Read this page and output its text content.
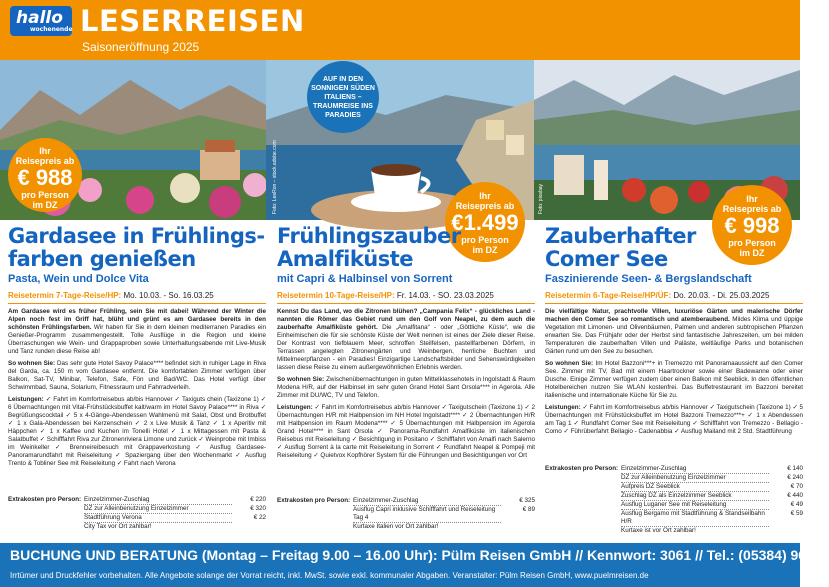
hallo
wochenende LESERREISEN
Saisoneröffnung 2025
AUF IN DEN SONNIGEN SÜDEN ITALIENS – TRAUMREISE INS PARADIES
Foto: LeeRon – stock.adobe.com	Foto: pixabay
Ihr
Reisepreis ab
€ 988
pro Person
im DZ
Ihr
Reisepreis ab
€1.499
pro Person
im DZ
Ihr
Reisepreis ab
€ 998
pro Person
im DZ
Gardasee in Frühlings-
farben genießen
Pasta, Wein und Dolce Vita
Reisetermin 7-Tage-Reise/HP: Mo. 10.03. - So. 16.03.25
Am Gardasee wird es früher Frühling, sein Sie mit dabei! Während der Winter die Alpen noch fest im Griff hat, blüht und grünt es am Gardasee bereits in den schönsten Frühlingsfarben. Wir haben für Sie in dem kleinen mediterranen Paradies ein Genießer-Programm zusammengestellt. Tolle Ausflüge in die Region und kleine Überraschungen wie Wein- und Grappaproben sowie Unterhaltungsabende mit Live-Musik und Tanz runden diese Reise ab!
So wohnen Sie: Das sehr gute Hotel Savoy Palace**** befindet sich in ruhiger Lage in Riva del Garda, ca. 150 m vom Gardasee entfernt. Die komfortablen Zimmer verfügen über Balkon, Sat-TV, Minibar, Telefon, Safe, Fön und Bad/WC. Das Hotel verfügt über Schwimmbad, Sauna, Solarium, Fitnessraum und Fahrradverleih.
Leistungen: ✓ Fahrt im Komfortreisebus ab/bis Hannover ✓ Taxiguts chein (Taxizone 1) ✓ 6 Übernachtungen mit Vital-Frühstücksbuffet kalt/warm im Hotel Savoy Palace**** in Riva ✓ Begrüßungscocktail ✓ 5 x 4-Gänge-Abendessen Wahlmenü mit Salat, Obst und Brotbuffet ✓ 1 x Gala-Abendessen bei Kerzenschein ✓ 2 x Live Musik & Tanz ✓ 1 x Aperitiv mit Häppchen ✓ 1 x Kaffee und Kuchen im Tonelli Hotel ✓ 1 x Mittagessen mit Pasta & Salatbuffet ✓ Schifffahrt Riva zur Zitronenriviera Limone und zurück ✓ Weinprobe mit Imbiss im Weinkeller ✓ Brenneireibesuch mit Grappaverkostung ✓ Ausflug Gardasee-Panoramarundfahrt mit Reiseleitung ✓ Spaziergang über den Wochenmarkt ✓ Ausflug Trento & Tobliner See mit Reiseleitung ✓ Fahrt nach Verona
Frühlingszauber
Amalfiküste
mit Capri & Halbinsel von Sorrent
Reisetermin 10-Tage-Reise/HP: Fr. 14.03. - SO. 23.03.2025
Kennst Du das Land, wo die Zitronen blühen? „Campania Felix“ - glückliches Land - nannten die Römer das Gebiet rund um den Golf von Neapel, zu dem auch die zauberhafte Amalfiküste gehört. Die „Amalfitana“ - oder „Göttliche Küste“, wie die Einheimischen die für sie schönste Küste der Welt nennen ist eines der Ziele dieser Reise. Der Kontrast von tiefblauem Meer, schroffen Steilfelsen, pastellfarbenen Dörfern, in Terrassen angelegten Zitronengärten und Weinbergen, herrliche Buchten und Mittelmeerpflanzen - ein Paradies! Einzigartige Landschaftsbilder und Sehenswürdigkeiten lassen diese Reise zu einem außergewöhnlichen Erlebnis werden.
So wohnen Sie: Zwischenübernachtungen in guten Mittelklassehotels in Ingolstadt & Raum Modena H/R, auf der Halbinsel im sehr guten Grand Hotel Sant Orsola**** in Agerola. Alle Zimmer mit DU/WC, TV und Telefon.
Leistungen: ✓ Fahrt im Komfortreisebus ab/bis Hannover ✓ Taxigutschein (Taxizone 1) ✓ 2 Übernachtungen H/R mit Halbpension im NH Hotel Ingolstadt**** ✓ 2 Übernachtungen H/R mit Halbpension im Raum Modena**** ✓ 5 Übernachtungen mit Halbpension im Agerola Grand Hotel**** in Sant Orsola ✓ Panorama-Rundfahrt Amalfiküste im italienischen Reisebus mit Reiseleitung ✓ Besichtigung in Positano ✓ Schifffahrt von Amalfi nach Salerno ✓ Ausflug Sorrent à la carte mit Reiseleitung in Sorrent ✓ Rundfahrt Neapel & Pompeji mit Reiseleitung ✓ Quietvox Kopfhörer System für die Führungen und Besichtigungen vor Ort
Zauberhafter
Comer See
Faszinierende Seen- & Bergslandschaft
Reisetermin 6-Tage-Reise/HP/ÜF: Do. 20.03. - Di. 25.03.2025
Die vielfältige Natur, prachtvolle Villen, luxuriöse Gärten und malerische Dörfer machen den Comer See so romantisch und atemberaubend. Mildes Klima und üppige Vegetation mit Limonen- und Olivenbäumen, Palmen und anderen subtropischen Pflanzen erwarten Sie. Das Frühjahr oder der Herbst sind fantastische Jahreszeiten, um bei milden Temperaturen die zauberhaften Villen und Paläste, weitläufige Parks und botanischen Gärten rund um den See zu besuchen.
So wohnen Sie: Im Hotel Bazzoni***+ in Tremezzo mit Panoramaaussicht auf den Comer See. Zimmer mit TV, Bad mit einem Haartrockner sowie einer Badewanne oder einer Dusche. Einige Zimmer verfügen zudem über einen Balkon mit Seeblick. In den öffentlichen Hotelbereichen nutzen Sie WLAN kostenfrei. Das Buffetrestaurant im Bazzoni bereitet italienische und internationale Küche für Sie zu.
Leistungen: ✓ Fahrt im Komfortreisebus ab/bis Hannover ✓ Taxigutschein (Taxizone 1) ✓ 5 Übernachtungen mit Frühstücksbuffet im Hotel Bazzoni Tremezzo***+ ✓ 1 x Abendessen am Tag 1 ✓ Rundfahrt Comer See mit Reiseleitung ✓ Schifffahrt von Tremezzo - Bellagio - Como ✓ Führüberfahrt Bellagio - Cadenabbia ✓ Ausflug Mailand mit 2 Std. Stadtführung
Extrakosten pro Person:	Einzelzimmer-Zuschlag	€ 220
	DZ zur Alleinbenutzung Einzelzimmer	€ 320
	Stadtführung Verona	€ 22
	City Tax vor Ort zahlbar!	
Extrakosten pro Person:	Einzelzimmer-Zuschlag	€ 325
	Ausflug Capri inklusive Schifffahrt und Reiseleitung Tag 4	€ 89
	Kurtaxe Italien vor Ort zahlbar!	
Extrakosten pro Person:	Einzelzimmer-Zuschlag	€ 140
	DZ zur Alleinbenutzung Einzelzimmer	€ 240
	Aufpreis DZ Seeblick	€ 70
	Zuschlag DZ als Einzelzimmer Seeblick	€ 440
	Ausflug Luganer See mit Reiseleitung	€ 49
	Ausflug Bergamo mit Stadtführung & Standseilbahn H/R	€ 59
	Kurtaxe ist vor Ort zahlbar!	
BUCHUNG UND BERATUNG (Montag – Freitag 9.00 – 16.00 Uhr): Pülm Reisen GmbH // Kennwort: 3061 // Tel.: (05384) 96060
Irrtümer und Druckfehler vorbehalten. Alle Angebote solange der Vorrat reicht, inkl. MwSt. sowie exkl. kommunaler Abgaben. Veranstalter: Pülm Reisen GmbH, www.puelmreisen.de
